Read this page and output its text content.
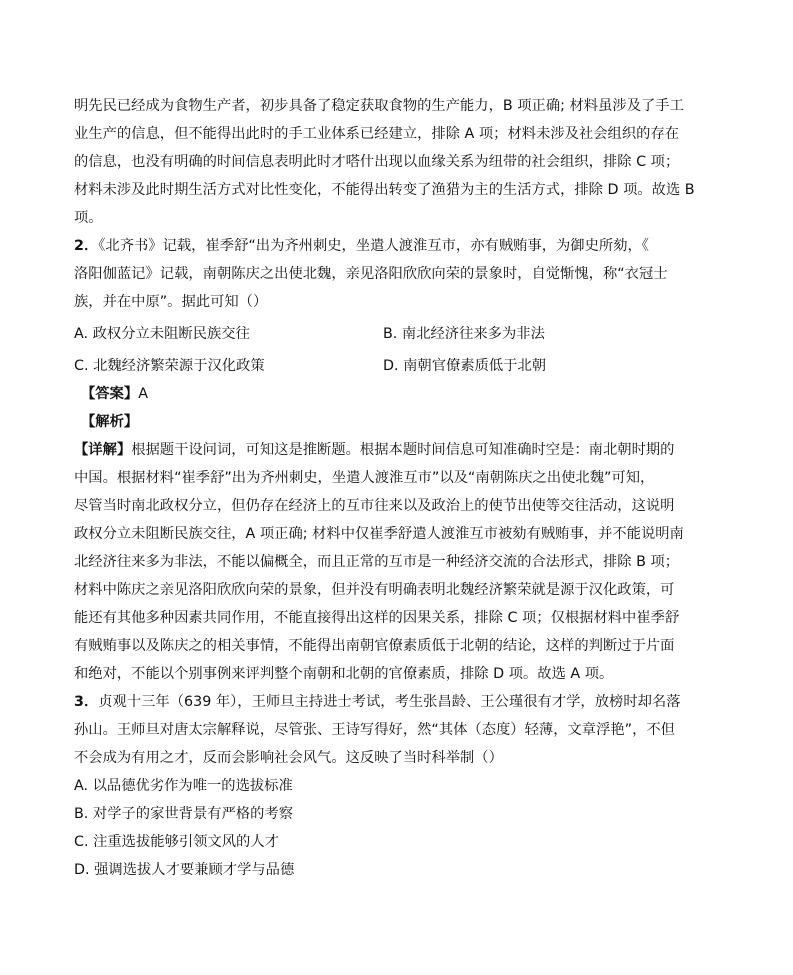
明先民已经成为食物生产者，初步具备了稳定获取食物的生产能力，B 项正确; 材料虽涉及了手工
业生产的信息，但不能得出此时的手工业体系已经建立，排除 A 项；材料未涉及社会组织的存在
的信息，也没有明确的时间信息表明此时才嗒什出现以血缘关系为纽带的社会组织，排除 C 项；
材料未涉及此时期生活方式对比性变化，不能得出转变了渔猎为主的生活方式，排除 D 项。故选 B
项。
2．《北齐书》记载，崔季舒“出为齐州刺史，坐遣人渡淮互市，亦有贼贿事，为御史所劾，《
洛阳伽蓝记》记载，南朝陈庆之出使北魏，亲见洛阳欣欣向荣的景象时，自觉惭愧，称“衣冠士
族，并在中原”。据此可知（）
A. 政权分立未阻断民族交往	B. 南北经济往来多为非法
C. 北魏经济繁荣源于汉化政策	D. 南朝官僚素质低于北朝
【答案】A
【解析】
【详解】根据题干设问词，可知这是推断题。根据本题时间信息可知准确时空是：南北朝时期的
中国。根据材料“崔季舒”出为齐州刺史，坐遣人渡淮互市”以及“南朝陈庆之出使北魏”可知，
尽管当时南北政权分立，但仍存在经济上的互市往来以及政治上的使节出使等交往活动，这说明
政权分立未阻断民族交往，A 项正确; 材料中仅崔季舒遣人渡淮互市被劾有贼贿事，并不能说明南
北经济往来多为非法，不能以偏概全，而且正常的互市是一种经济交流的合法形式，排除 B 项；
材料中陈庆之亲见洛阳欣欣向荣的景象，但并没有明确表明北魏经济繁荣就是源于汉化政策，可
能还有其他多种因素共同作用，不能直接得出这样的因果关系，排除 C 项；仅根据材料中崔季舒
有贼贿事以及陈庆之的相关事情，不能得出南朝官僚素质低于北朝的结论，这样的判断过于片面
和绝对，不能以个别事例来评判整个南朝和北朝的官僚素质，排除 D 项。故选 A 项。
3．贞观十三年（639 年），王师旦主持进士考试，考生张昌龄、王公瑾很有才学，放榜时却名落
孙山。王师旦对唐太宗解释说，尽管张、王诗写得好，然“其体（态度）轻薄，文章浮艳”，不但
不会成为有用之才，反而会影响社会风气。这反映了当时科举制（）
A. 以品德优劣作为唯一的选拔标准
B. 对学子的家世背景有严格的考察
C. 注重选拔能够引领文风的人才
D. 强调选拔人才要兼顾才学与品德
